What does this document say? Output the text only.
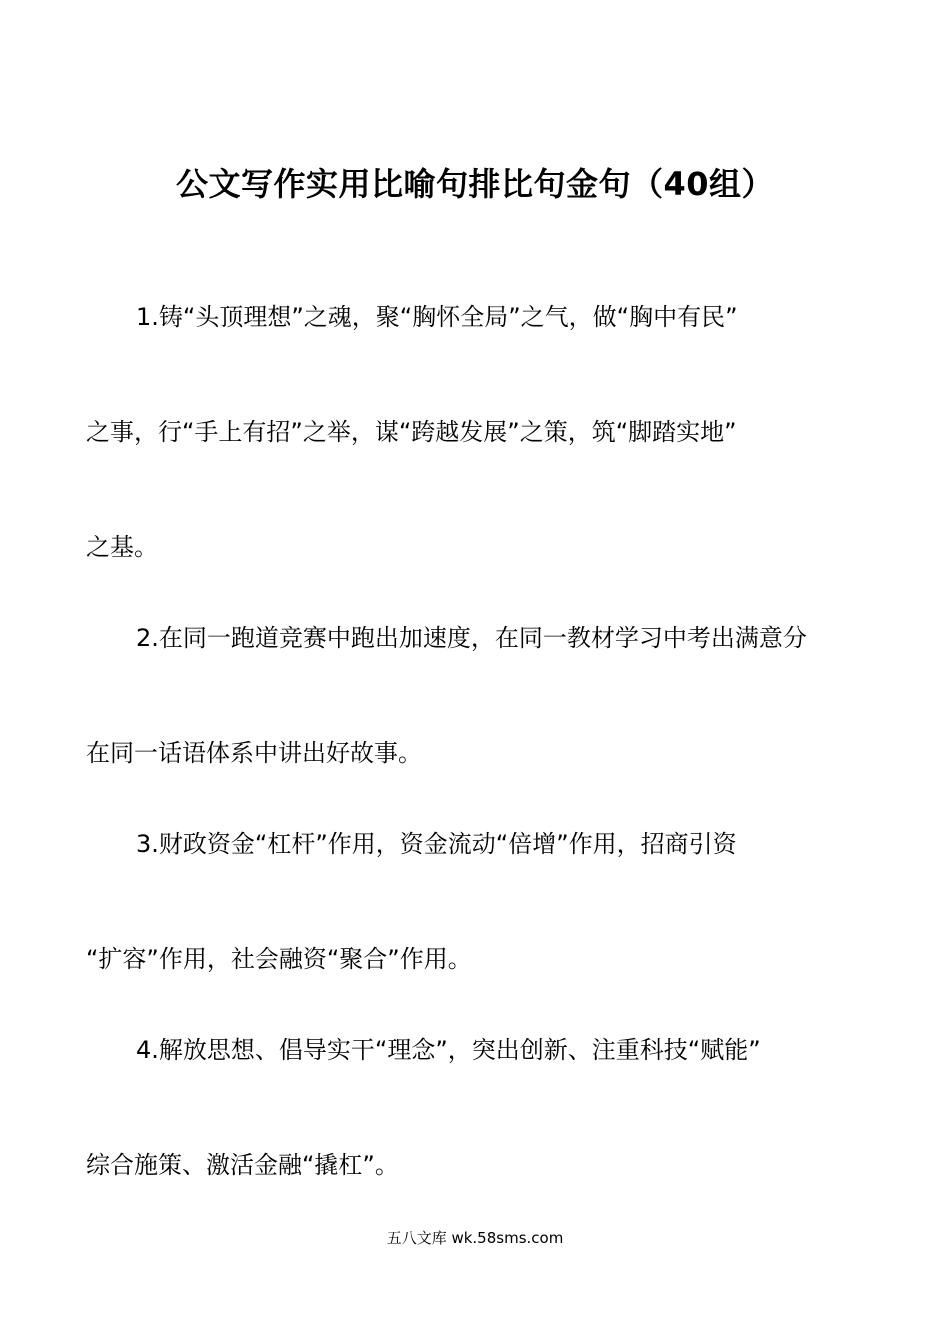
公文写作实用比喻句排比句金句（40组）
1.铸“头顶理想”之魂，聚“胸怀全局”之气，做“胸中有民”
之事，行“手上有招”之举，谋“跨越发展”之策，筑“脚踏实地”
之基。
2.在同一跑道竞赛中跑出加速度，在同一教材学习中考出满意分
在同一话语体系中讲出好故事。
3.财政资金“杠杆”作用，资金流动“倍增”作用，招商引资
“扩容”作用，社会融资“聚合”作用。
4.解放思想、倡导实干“理念”，突出创新、注重科技“赋能”
综合施策、激活金融“撬杠”。
五八文库 wk.58sms.com
